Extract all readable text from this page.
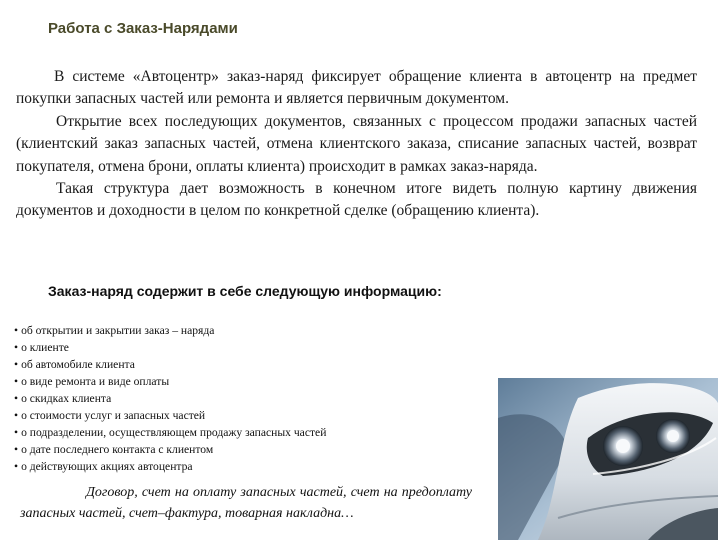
Работа с Заказ-Нарядами

В системе «Автоцентр» заказ-наряд фиксирует обращение клиента в автоцентр на предмет покупки запасных частей или ремонта и является первичным документом.

Открытие всех последующих документов, связанных с процессом продажи запасных частей (клиентский заказ запасных частей, отмена клиентского заказа, списание запасных частей, возврат покупателя, отмена брони, оплаты клиента) происходит в рамках заказ-наряда.

Такая структура дает возможность в конечном итоге видеть полную картину движения документов и доходности в целом по конкретной сделке (обращению клиента).

Заказ-наряд содержит в себе следующую информацию:
• об открытии и закрытии заказ – наряда
• о клиенте
• об автомобиле клиента
• о виде ремонта и виде оплаты
• о скидках клиента
• о стоимости услуг и запасных частей
• о подразделении, осуществляющем продажу запасных частей
• о дате последнего контакта с клиентом
• о действующих акциях автоцентра
Договор, счет на оплату запасных частей, счет на предоплату запасных частей, счет–фактура, товарная накладна…
